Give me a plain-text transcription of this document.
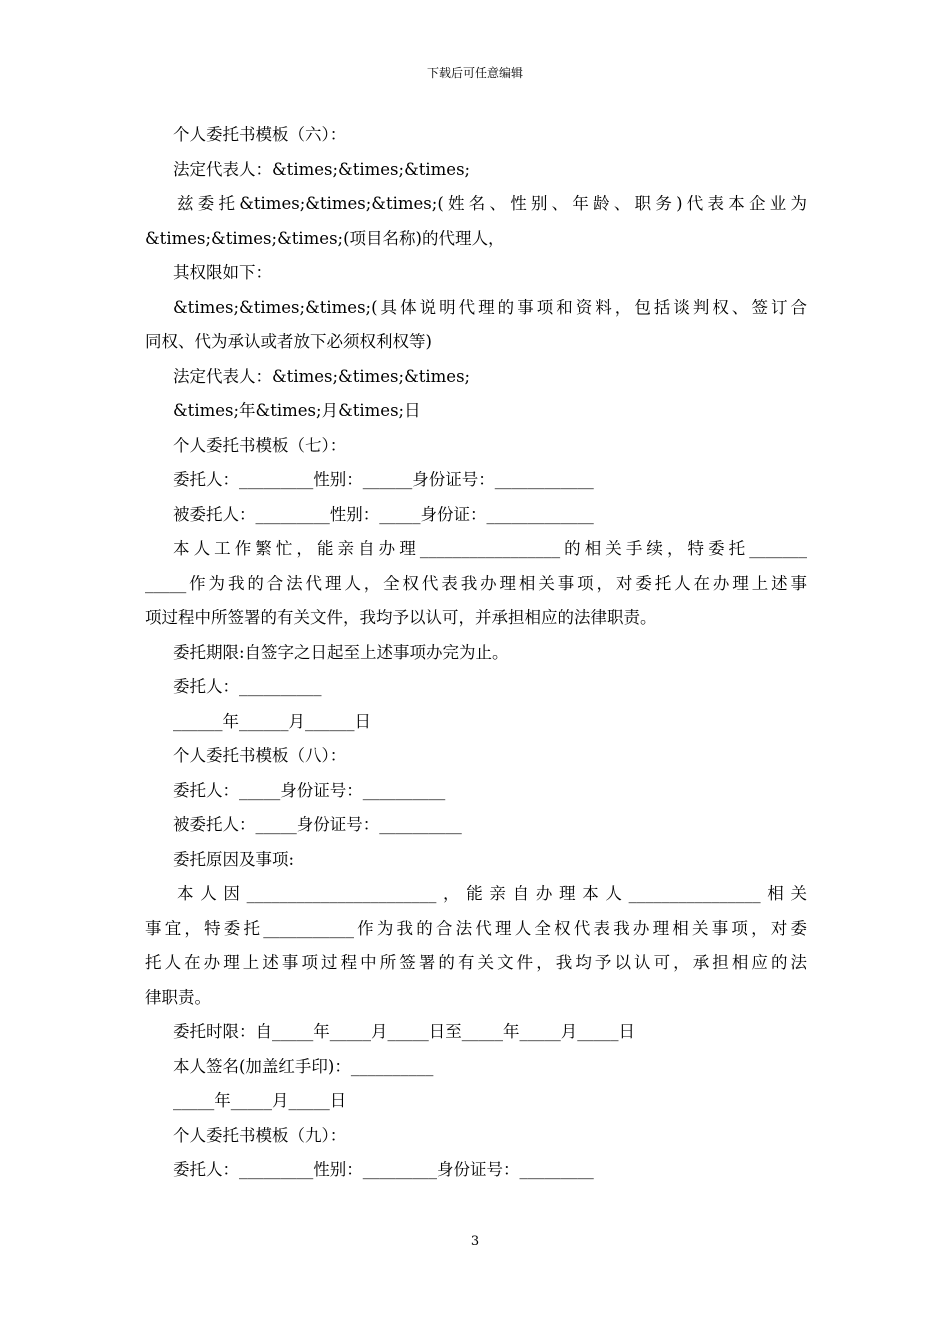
下载后可任意编辑
个人委托书模板（六）：
法定代表人：&times;&times;&times;
兹委托&times;&times;&times;(姓名、性别、年龄、职务)代表本企业为
&times;&times;&times;(项目名称)的代理人，
其权限如下：
&times;&times;&times;(具体说明代理的事项和资料，包括谈判权、签订合
同权、代为承认或者放下必须权利权等)
法定代表人：&times;&times;&times;
&times;年&times;月&times;日
个人委托书模板（七）：
委托人：_________性别：______身份证号：____________
被委托人：_________性别：_____身份证：_____________
本人工作繁忙，能亲自办理_________________的相关手续，特委托_______
_____作为我的合法代理人，全权代表我办理相关事项，对委托人在办理上述事
项过程中所签署的有关文件，我均予以认可，并承担相应的法律职责。
委托期限:自签字之日起至上述事项办完为止。
委托人：__________
______年______月______日
个人委托书模板（八）：
委托人：_____身份证号：__________
被委托人：_____身份证号：__________
委托原因及事项:
本人因_______________________，能亲自办理本人________________相关
事宜，特委托___________作为我的合法代理人全权代表我办理相关事项，对委
托人在办理上述事项过程中所签署的有关文件，我均予以认可，承担相应的法
律职责。
委托时限：自_____年_____月_____日至_____年_____月_____日
本人签名(加盖红手印)：__________
_____年_____月_____日
个人委托书模板（九）：
委托人：_________性别：_________身份证号：_________
3
